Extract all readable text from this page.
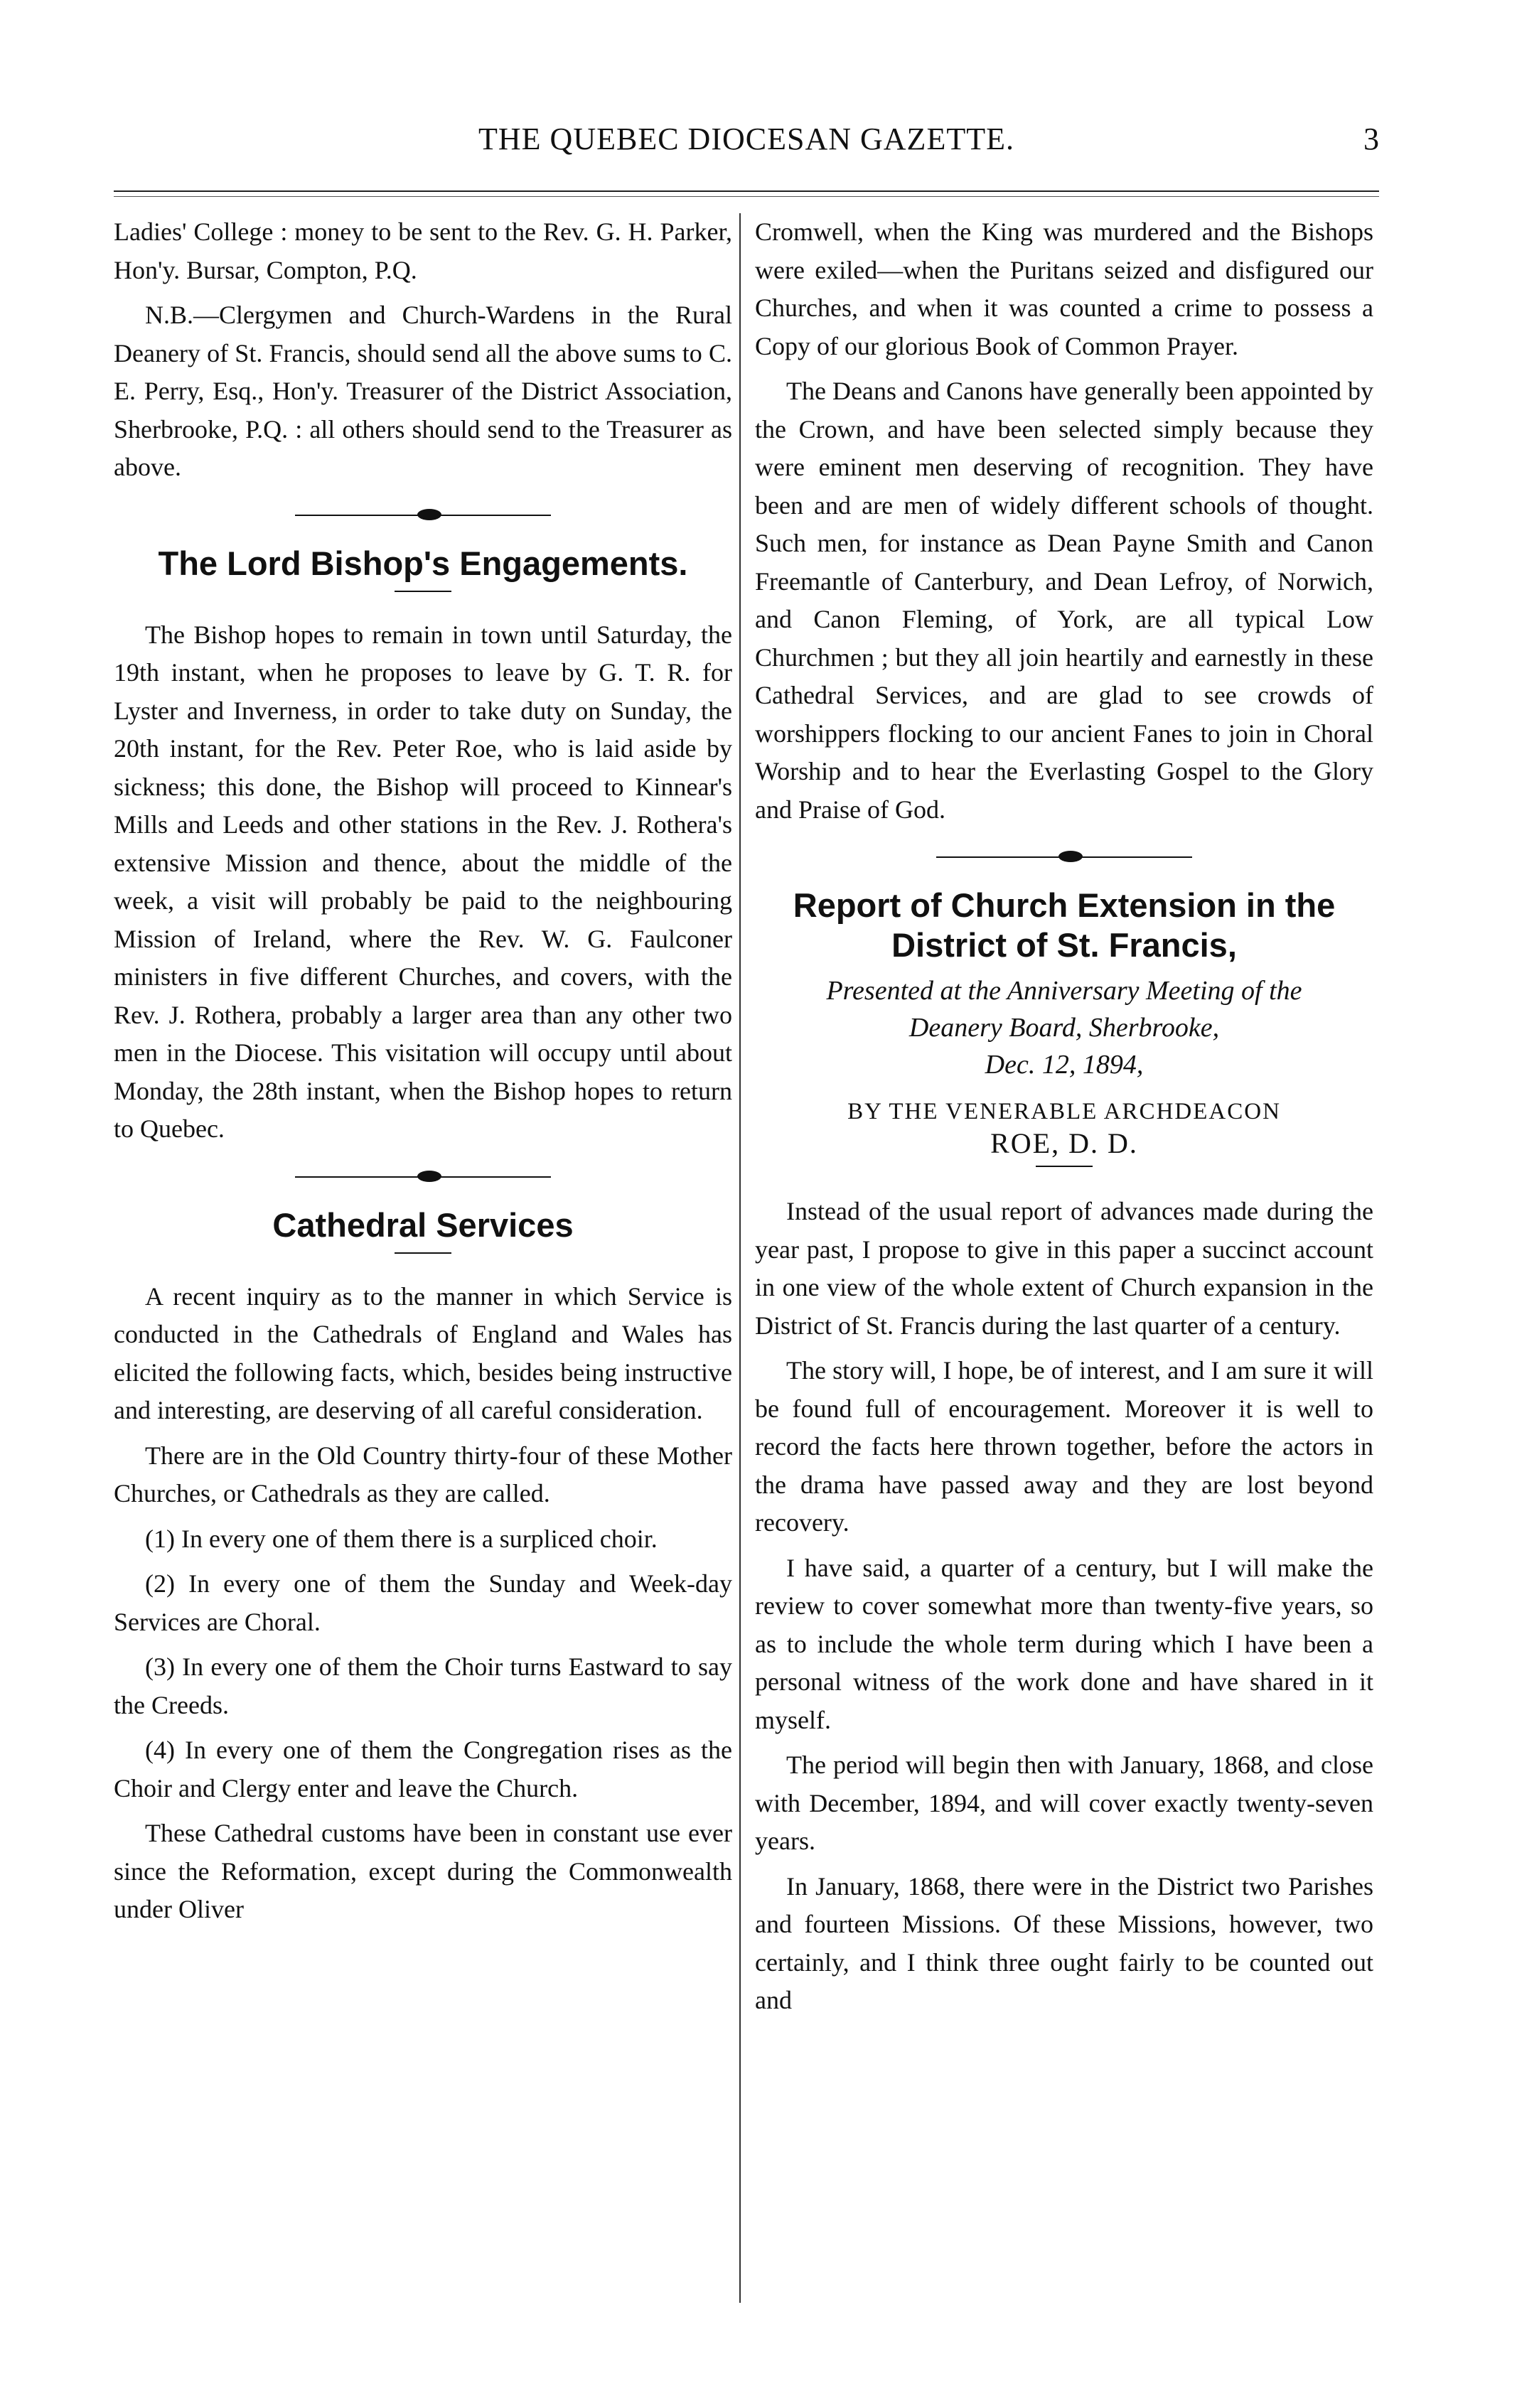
THE QUEBEC DIOCESAN GAZETTE.	3

Ladies' College : money to be sent to the Rev. G. H. Parker, Hon'y. Bursar, Compton, P.Q.

N.B.—Clergymen and Church-Wardens in the Rural Deanery of St. Francis, should send all the above sums to C. E. Perry, Esq., Hon'y. Treasurer of the District Association, Sherbrooke, P.Q. : all others should send to the Treasurer as above.

The Lord Bishop's Engagements.

The Bishop hopes to remain in town until Saturday, the 19th instant, when he proposes to leave by G. T. R. for Lyster and Inverness, in order to take duty on Sunday, the 20th instant, for the Rev. Peter Roe, who is laid aside by sickness; this done, the Bishop will proceed to Kinnear's Mills and Leeds and other stations in the Rev. J. Rothera's extensive Mission and thence, about the middle of the week, a visit will probably be paid to the neighbouring Mission of Ireland, where the Rev. W. G. Faulconer ministers in five different Churches, and covers, with the Rev. J. Rothera, probably a larger area than any other two men in the Diocese. This visitation will occupy until about Monday, the 28th instant, when the Bishop hopes to return to Quebec.

Cathedral Services

A recent inquiry as to the manner in which Service is conducted in the Cathedrals of England and Wales has elicited the following facts, which, besides being instructive and interesting, are deserving of all careful consideration.

There are in the Old Country thirty-four of these Mother Churches, or Cathedrals as they are called.

(1) In every one of them there is a surpliced choir.

(2) In every one of them the Sunday and Week-day Services are Choral.

(3) In every one of them the Choir turns Eastward to say the Creeds.

(4) In every one of them the Congregation rises as the Choir and Clergy enter and leave the Church.

These Cathedral customs have been in constant use ever since the Reformation, except during the Commonwealth under Oliver

Cromwell, when the King was murdered and the Bishops were exiled—when the Puritans seized and disfigured our Churches, and when it was counted a crime to possess a Copy of our glorious Book of Common Prayer.

The Deans and Canons have generally been appointed by the Crown, and have been selected simply because they were eminent men deserving of recognition. They have been and are men of widely different schools of thought. Such men, for instance as Dean Payne Smith and Canon Freemantle of Canterbury, and Dean Lefroy, of Norwich, and Canon Fleming, of York, are all typical Low Churchmen ; but they all join heartily and earnestly in these Cathedral Services, and are glad to see crowds of worshippers flocking to our ancient Fanes to join in Choral Worship and to hear the Everlasting Gospel to the Glory and Praise of God.

Report of Church Extension in the District of St. Francis,

Presented at the Anniversary Meeting of the

Deanery Board, Sherbrooke,

Dec. 12, 1894,

BY THE VENERABLE ARCHDEACON

ROE, D. D.

Instead of the usual report of advances made during the year past, I propose to give in this paper a succinct account in one view of the whole extent of Church expansion in the District of St. Francis during the last quarter of a century.

The story will, I hope, be of interest, and I am sure it will be found full of encouragement. Moreover it is well to record the facts here thrown together, before the actors in the drama have passed away and they are lost beyond recovery.

I have said, a quarter of a century, but I will make the review to cover somewhat more than twenty-five years, so as to include the whole term during which I have been a personal witness of the work done and have shared in it myself.

The period will begin then with January, 1868, and close with December, 1894, and will cover exactly twenty-seven years.

In January, 1868, there were in the District two Parishes and fourteen Missions. Of these Missions, however, two certainly, and I think three ought fairly to be counted out and
